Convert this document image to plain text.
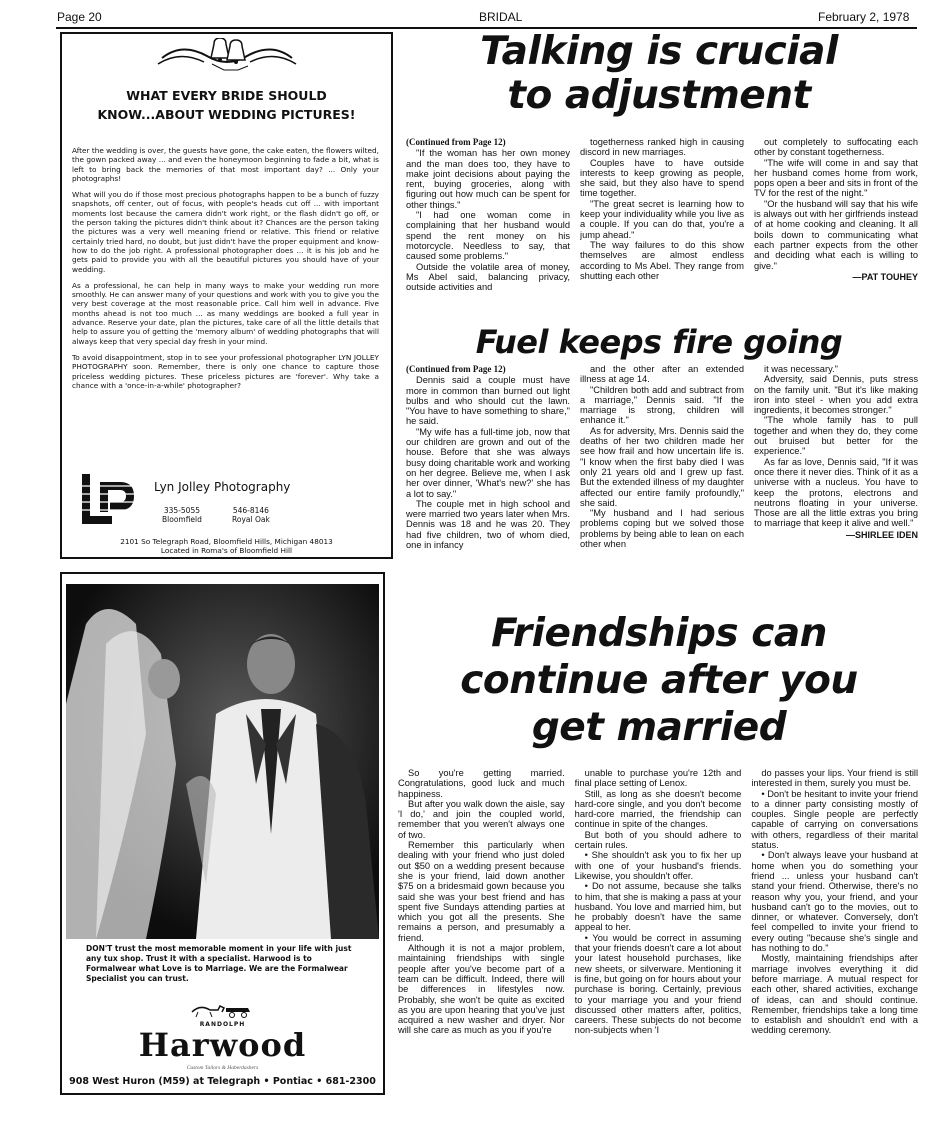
Page 20	BRIDAL	February 2, 1978
WHAT EVERY BRIDE SHOULD
KNOW...ABOUT WEDDING PICTURES!

After the wedding is over, the guests have gone, the cake eaten, the flowers wilted, the gown packed away ... and even the honeymoon beginning to fade a bit, what is left to bring back the memories of that most important day? ... Only your photographs!

What will you do if those most precious photographs happen to be a bunch of fuzzy snapshots, off center, out of focus, with people's heads cut off ... with important moments lost because the camera didn't work right, or the flash didn't go off, or the person taking the pictures didn't think about it? Chances are the person taking the pictures was a very well meaning friend or relative. This friend or relative certainly tried hard, no doubt, but just didn't have the proper equipment and know-how to do the job right. A professional photographer does ... it is his job and he gets paid to provide you with all the beautiful pictures you should have of your wedding.

As a professional, he can help in many ways to make your wedding run more smoothly. He can answer many of your questions and work with you to give you the very best coverage at the most reasonable price. Call him well in advance. Five months ahead is not too much ... as many weddings are booked a full year in advance. Reserve your date, plan the pictures, take care of all the little details that help to assure you of getting the 'memory album' of wedding photographs that will always keep that very special day fresh in your mind.

To avoid disappointment, stop in to see your professional photographer LYN JOLLEY PHOTOGRAPHY soon. Remember, there is only one chance to capture those priceless wedding pictures. These priceless pictures are 'forever'. Why take a chance with a 'once-in-a-while' photographer?

Lyn Jolley Photography
335-5055
Bloomfield
546-8146
Royal Oak
2101 So Telegraph Road, Bloomfield Hills, Michigan 48013
Located in Roma's of Bloomfield Hill
DON'T trust the most memorable moment in your life with just any tux shop. Trust it with a specialist. Harwood is to Formalwear what Love is to Marriage. We are the Formalwear Specialist you can trust.
RANDOLPH
Harwood
Custom Tailors & Haberdashers
908 West Huron (M59) at Telegraph • Pontiac • 681-2300
Talking is crucial
to adjustment
(Continued from Page 12)

"If the woman has her own money and the man does too, they have to make joint decisions about paying the rent, buying groceries, along with figuring out how much can be spent for other things."

"I had one woman come in complaining that her husband would spend the rent money on his motorcycle. Needless to say, that caused some problems."

Outside the volatile area of money, Ms Abel said, balancing privacy, outside activities and

togetherness ranked high in causing discord in new marriages.

Couples have to have outside interests to keep growing as people, she said, but they also have to spend time together.

"The great secret is learning how to keep your individuality while you live as a couple. If you can do that, you're a jump ahead."

The way failures to do this show themselves are almost endless according to Ms Abel. They range from shutting each other

out completely to suffocating each other by constant togetherness.

"The wife will come in and say that her husband comes home from work, pops open a beer and sits in front of the TV for the rest of the night."

"Or the husband will say that his wife is always out with her girlfriends instead of at home cooking and cleaning. It all boils down to communicating what each partner expects from the other and deciding what each is willing to give."

—PAT TOUHEY
Fuel keeps fire going
(Continued from Page 12)

Dennis said a couple must have more in common than burned out light bulbs and who should cut the lawn. "You have to have something to share," he said.

"My wife has a full-time job, now that our children are grown and out of the house. Before that she was always busy doing charitable work and working on her degree. Believe me, when I ask her over dinner, 'What's new?' she has a lot to say."

The couple met in high school and were married two years later when Mrs. Dennis was 18 and he was 20. They had five children, two of whom died, one in infancy

and the other after an extended illness at age 14.

"Children both add and subtract from a marriage," Dennis said. "If the marriage is strong, children will enhance it."

As for adversity, Mrs. Dennis said the deaths of her two children made her see how frail and how uncertain life is. "I know when the first baby died I was only 21 years old and I grew up fast. But the extended illness of my daughter affected our entire family profoundly," she said.

"My husband and I had serious problems coping but we solved those problems by being able to lean on each other when

it was necessary."

Adversity, said Dennis, puts stress on the family unit. "But it's like making iron into steel - when you add extra ingredients, it becomes stronger."

"The whole family has to pull together and when they do, they come out bruised but better for the experience."

As far as love, Dennis said, "If it was once there it never dies. Think of it as a universe with a nucleus. You have to keep the protons, electrons and neutrons floating in your universe. Those are all the little extras you bring to marriage that keep it alive and well."

—SHIRLEE IDEN
Friendships can
continue after you
get married

So you're getting married. Congratulations, good luck and much happiness.

But after you walk down the aisle, say 'I do,' and join the coupled world, remember that you weren't always one of two.

Remember this particularly when dealing with your friend who just doled out $50 on a wedding present because she is your friend, laid down another $75 on a bridesmaid gown because you said she was your best friend and has spent five Sundays attending parties at which you got all the presents. She remains a person, and presumably a friend.

Although it is not a major problem, maintaining friendships with single people after you've become part of a team can be difficult. Indeed, there will be differences in lifestyles now. Probably, she won't be quite as excited as you are upon hearing that you've just acquired a new washer and dryer. Nor will she care as much as you if you're

unable to purchase you're 12th and final place setting of Lenox.

Still, as long as she doesn't become hard-core single, and you don't become hard-core married, the friendship can continue in spite of the changes.

But both of you should adhere to certain rules.

• She shouldn't ask you to fix her up with one of your husband's friends. Likewise, you shouldn't offer.

• Do not assume, because she talks to him, that she is making a pass at your husband. You love and married him, but he probably doesn't have the same appeal to her.

• You would be correct in assuming that your friends doesn't care a lot about your latest household purchases, like new sheets, or silverware. Mentioning it is fine, but going on for hours about your purchase is boring. Certainly, previous to your marriage you and your friend discussed other matters after, politics, careers. These subjects do not become non-subjects when 'I

do passes your lips. Your friend is still interested in them, surely you must be.

• Don't be hesitant to invite your friend to a dinner party consisting mostly of couples. Single people are perfectly capable of carrying on conversations with others, regardless of their marital status.

• Don't always leave your husband at home when you do something your friend ... unless your husband can't stand your friend. Otherwise, there's no reason why you, your friend, and your husband can't go to the movies, out to dinner, or whatever. Conversely, don't feel compelled to invite your friend to every outing "because she's single and has nothing to do."

Mostly, maintaining friendships after marriage involves everything it did before marriage. A mutual respect for each other, shared activities, exchange of ideas, can and should continue. Remember, friendships take a long time to establish and shouldn't end with a wedding ceremony.
